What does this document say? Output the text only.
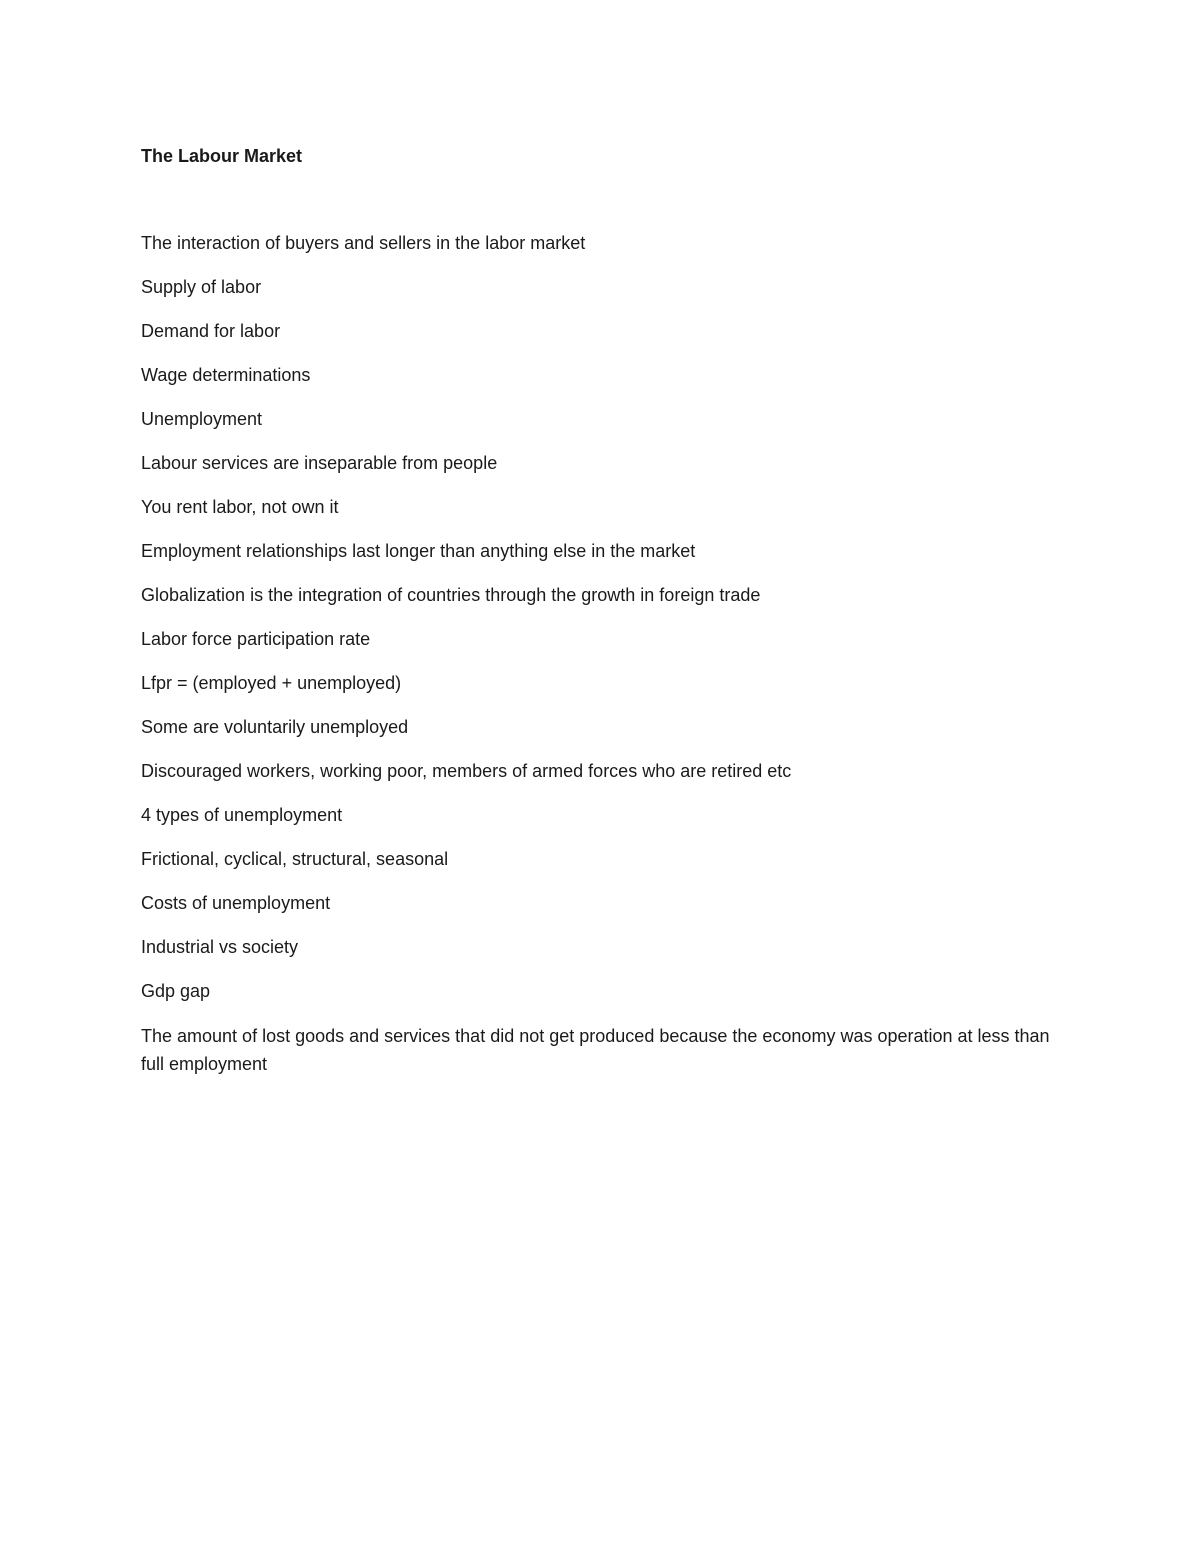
The Labour Market
The interaction of buyers and sellers in the labor market
Supply of labor
Demand for labor
Wage determinations
Unemployment
Labour services are inseparable from people
You rent labor, not own it
Employment relationships last longer than anything else in the market
Globalization is the integration of countries through the growth in foreign trade
Labor force participation rate
Lfpr = (employed + unemployed)
Some are voluntarily unemployed
Discouraged workers, working poor, members of armed forces who are retired etc
4 types of unemployment
Frictional, cyclical, structural, seasonal
Costs of unemployment
Industrial vs society
Gdp gap
The amount of lost goods and services that did not get produced because the economy was operation at less than full employment
